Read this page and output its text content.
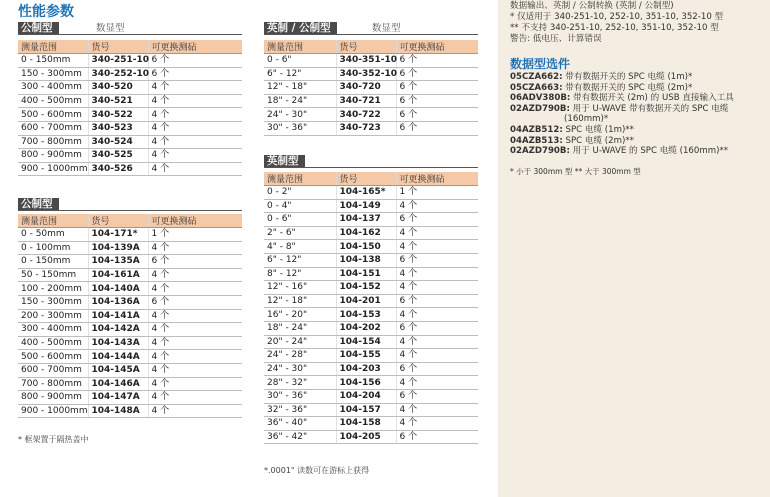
性能参数
公制型	数显型
测量范围	货号	可更换测砧
0 - 150mm	340-251-10	6 个
150 - 300mm	340-252-10	6 个
300 - 400mm	340-520	4 个
400 - 500mm	340-521	4 个
500 - 600mm	340-522	4 个
600 - 700mm	340-523	4 个
700 - 800mm	340-524	4 个
800 - 900mm	340-525	4 个
900 - 1000mm	340-526	4 个
公制型
测量范围	货号	可更换测砧
0 - 50mm	104-171*	1 个
0 - 100mm	104-139A	4 个
0 - 150mm	104-135A	6 个
50 - 150mm	104-161A	4 个
100 - 200mm	104-140A	4 个
150 - 300mm	104-136A	6 个
200 - 300mm	104-141A	4 个
300 - 400mm	104-142A	4 个
400 - 500mm	104-143A	4 个
500 - 600mm	104-144A	4 个
600 - 700mm	104-145A	4 个
700 - 800mm	104-146A	4 个
800 - 900mm	104-147A	4 个
900 - 1000mm	104-148A	4 个
* 框架置于隔热盖中
英制 / 公制型	数显型
测量范围	货号	可更换测砧
0 - 6"	340-351-10	6 个
6" - 12"	340-352-10	6 个
12" - 18"	340-720	6 个
18" - 24"	340-721	6 个
24" - 30"	340-722	6 个
30" - 36"	340-723	6 个
英制型
测量范围	货号	可更换测砧
0 - 2"	104-165*	1 个
0 - 4"	104-149	4 个
0 - 6"	104-137	6 个
2" - 6"	104-162	4 个
4" - 8"	104-150	4 个
6" - 12"	104-138	6 个
8" - 12"	104-151	4 个
12" - 16"	104-152	4 个
12" - 18"	104-201	6 个
16" - 20"	104-153	4 个
18" - 24"	104-202	6 个
20" - 24"	104-154	4 个
24" - 28"	104-155	4 个
24" - 30"	104-203	6 个
28" - 32"	104-156	4 个
30" - 36"	104-204	6 个
32" - 36"	104-157	4 个
36" - 40"	104-158	4 个
36" - 42"	104-205	6 个
*.0001" 读数可在游标上获得
数据输出、英制 / 公制转换 (英制 / 公制型)
* 仅适用于 340-251-10, 252-10, 351-10, 352-10 型
** 不支持 340-251-10, 252-10, 351-10, 352-10 型
警告: 低电压、计算错误
数据型选件
05CZA662: 带有数据开关的 SPC 电缆 (1m)*
05CZA663: 带有数据开关的 SPC 电缆 (2m)*
06ADV380B: 带有数据开关 (2m) 的 USB 直接输入工具
02AZD790B: 用于 U-WAVE 带有数据开关的 SPC 电缆
(160mm)*
04AZB512: SPC 电缆 (1m)**
04AZB513: SPC 电缆 (2m)**
02AZD790B: 用于 U-WAVE 的 SPC 电缆 (160mm)**
* 小于 300mm 型 ** 大于 300mm 型
